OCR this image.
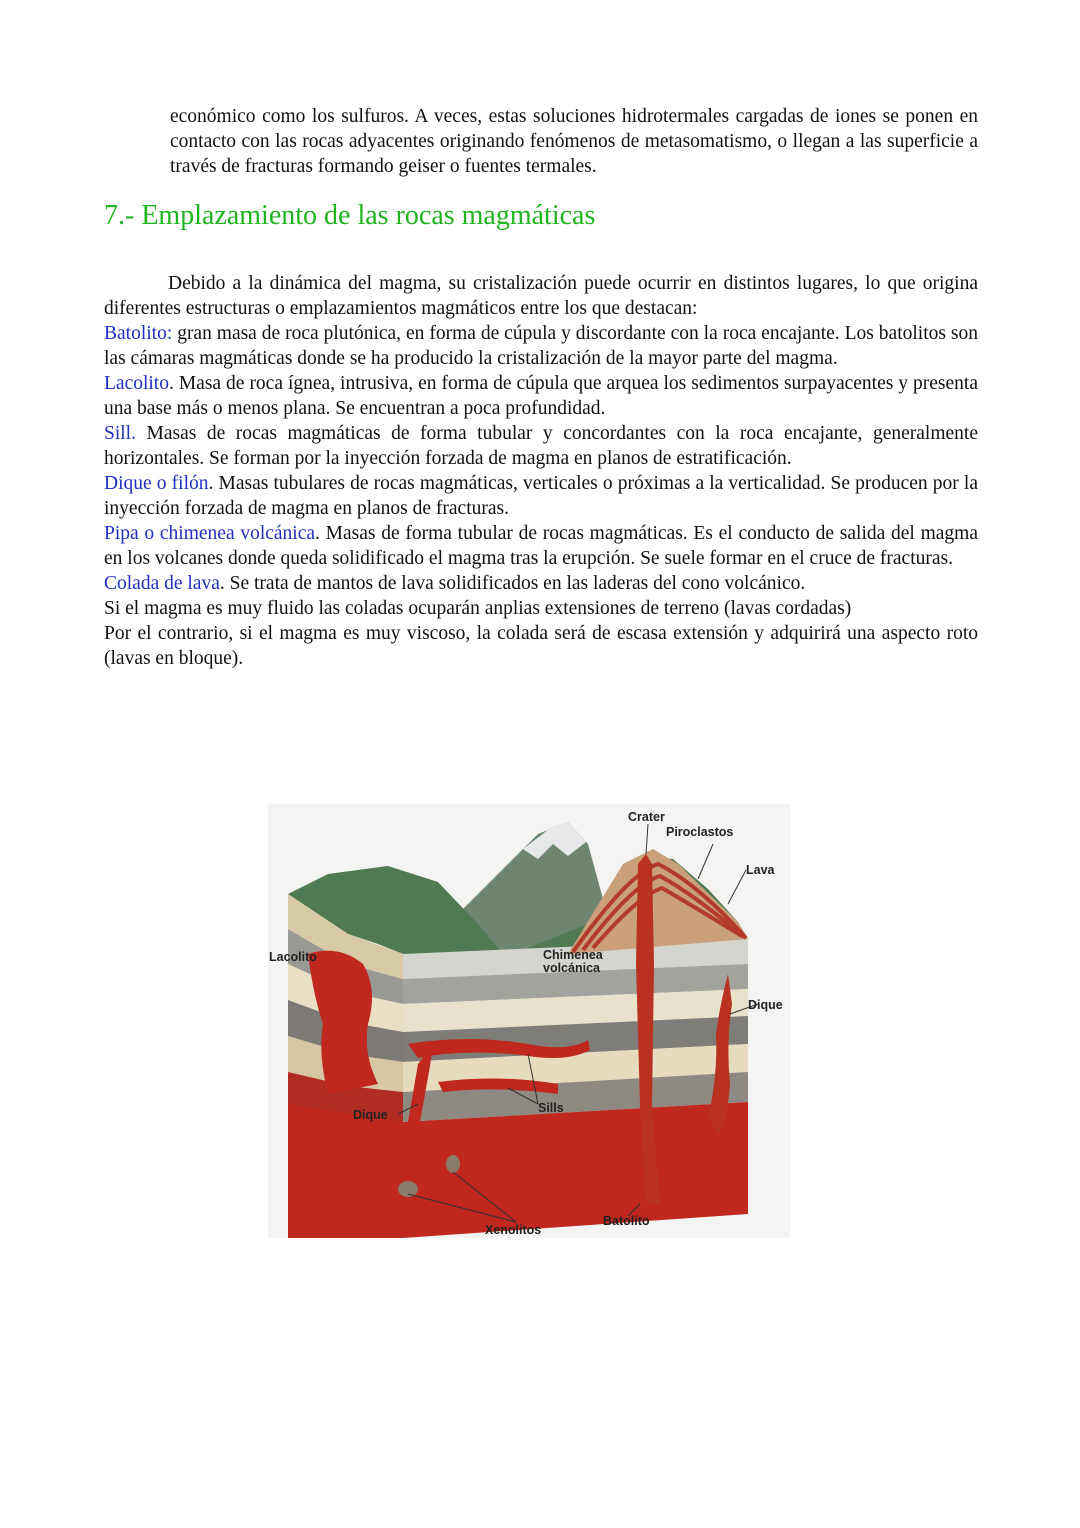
económico como los sulfuros. A veces, estas soluciones hidrotermales cargadas de iones se ponen en contacto con las rocas adyacentes originando fenómenos de metasomatismo, o llegan a las superficie a través de fracturas formando geiser o fuentes termales.

7.- Emplazamiento de las rocas magmáticas

Debido a la dinámica del magma, su cristalización puede ocurrir en distintos lugares, lo que origina diferentes estructuras o emplazamientos magmáticos entre los que destacan:

Batolito: gran masa de roca plutónica, en forma de cúpula y discordante con la roca encajante. Los batolitos son las cámaras magmáticas donde se ha producido la cristalización de la mayor parte del magma.

Lacolito. Masa de roca ígnea, intrusiva, en forma de cúpula que arquea los sedimentos surpayacentes y presenta una base más o menos plana. Se encuentran a poca profundidad.

Sill. Masas de rocas magmáticas de forma tubular y concordantes con la roca encajante, generalmente horizontales. Se forman por la inyección forzada de magma en planos de estratificación.

Dique o filón. Masas tubulares de rocas magmáticas, verticales o próximas a la verticalidad. Se producen por la inyección forzada de magma en planos de fracturas.

Pipa o chimenea volcánica. Masas de forma tubular de rocas magmáticas. Es el conducto de salida del magma en los volcanes donde queda solidificado el magma tras la erupción. Se suele formar en el cruce de fracturas.

Colada de lava. Se trata de mantos de lava solidificados en las laderas del cono volcánico.

Si el magma es muy fluido las coladas ocuparán anplias extensiones de terreno (lavas cordadas)

Por el contrario, si el magma es muy viscoso, la colada será de escasa extensión y adquirirá una aspecto roto (lavas en bloque).

Crater
Piroclastos
Lava
Lacolito	Chimenea
volcánica
Dique
Dique	Sills
Xenolitos
Batolito
